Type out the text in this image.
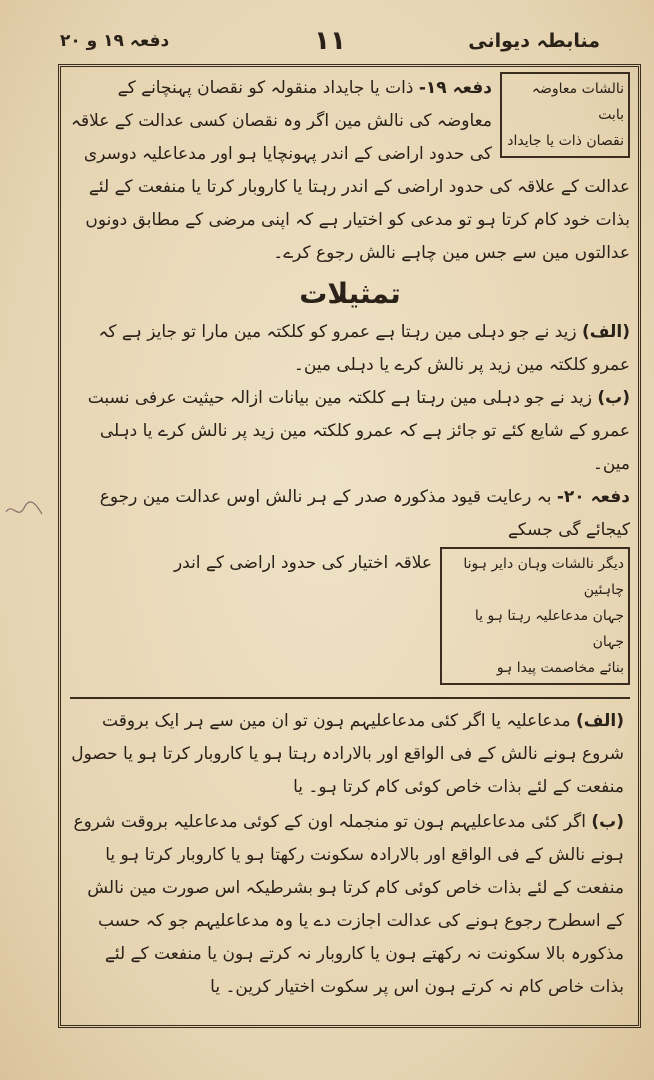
منابطہ دیوانی
۱۱
دفعہ ۱۹ و ۲۰
نالشات معاوضہ بابت
نقصان ذات یا جایداد

دفعہ ۱۹- ذات یا جایداد منقولہ کو نقصان پہنچانے کے معاوضہ کی نالش مین اگر وہ نقصان کسی عدالت کے علاقہ کی حدود اراضی کے اندر پہونچایا ہو اور مدعاعلیہ دوسری عدالت کے علاقہ کی حدود اراضی کے اندر رہتا یا کاروبار کرتا یا منفعت کے لئے بذات خود کام کرتا ہو تو مدعی کو اختیار ہے کہ اپنی مرضی کے مطابق دونوں عدالتوں مین سے جس مین چاہے نالش رجوع کرے۔

تمثیلات

(الف) زید نے جو دہلی مین رہتا ہے عمرو کو کلکتہ مین مارا تو جایز ہے کہ عمرو کلکتہ مین زید پر نالش کرے یا دہلی مین۔

(ب) زید نے جو دہلی مین رہتا ہے کلکتہ مین بیانات ازالہ حیثیت عرفی نسبت عمرو کے شایع کئے تو جائز ہے کہ عمرو کلکتہ مین زید پر نالش کرے یا دہلی مین۔

دفعہ ۲۰- بہ رعایت قیود مذکورہ صدر کے ہر نالش اوس عدالت مین رجوع کیجائے گی جسکے

دیگر نالشات وہان دایر ہونا چاہئین
جہان مدعاعلیہ رہتا ہو یا جہان
بنائے مخاصمت پیدا ہو

علاقہ اختیار کی حدود اراضی کے اندر

(الف) مدعاعلیہ یا اگر کئی مدعاعلیہم ہون تو ان مین سے ہر ایک بروقت شروع ہونے نالش کے فی الواقع اور بالارادہ رہتا ہو یا کاروبار کرتا ہو یا حصول منفعت کے لئے بذات خاص کوئی کام کرتا ہو۔ یا

(ب) اگر کئی مدعاعلیہم ہون تو منجملہ اون کے کوئی مدعاعلیہ بروقت شروع ہونے نالش کے فی الواقع اور بالارادہ سکونت رکھتا ہو یا کاروبار کرتا ہو یا منفعت کے لئے بذات خاص کوئی کام کرتا ہو بشرطیکہ اس صورت مین نالش کے اسطرح رجوع ہونے کی عدالت اجازت دے یا وہ مدعاعلیہم جو کہ حسب مذکورہ بالا سکونت نہ رکھتے ہون یا کاروبار نہ کرتے ہون یا منفعت کے لئے بذات خاص کام نہ کرتے ہون اس پر سکوت اختیار کرین۔ یا
